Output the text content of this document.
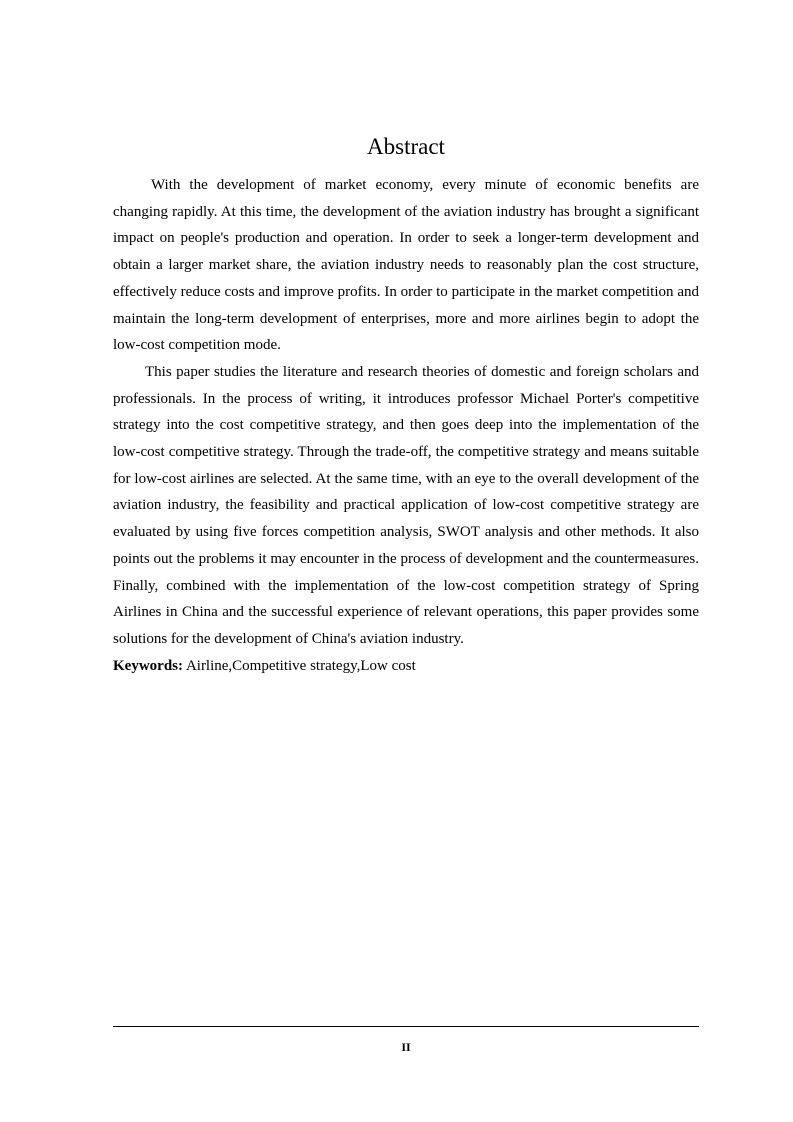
Abstract

With the development of market economy, every minute of economic benefits are changing rapidly. At this time, the development of the aviation industry has brought a significant impact on people's production and operation. In order to seek a longer-term development and obtain a larger market share, the aviation industry needs to reasonably plan the cost structure, effectively reduce costs and improve profits. In order to participate in the market competition and maintain the long-term development of enterprises, more and more airlines begin to adopt the low-cost competition mode.

This paper studies the literature and research theories of domestic and foreign scholars and professionals. In the process of writing, it introduces professor Michael Porter's competitive strategy into the cost competitive strategy, and then goes deep into the implementation of the low-cost competitive strategy. Through the trade-off, the competitive strategy and means suitable for low-cost airlines are selected. At the same time, with an eye to the overall development of the aviation industry, the feasibility and practical application of low-cost competitive strategy are evaluated by using five forces competition analysis, SWOT analysis and other methods. It also points out the problems it may encounter in the process of development and the countermeasures. Finally, combined with the implementation of the low-cost competition strategy of Spring Airlines in China and the successful experience of relevant operations, this paper provides some solutions for the development of China's aviation industry.

Keywords: Airline,Competitive strategy,Low cost

II
